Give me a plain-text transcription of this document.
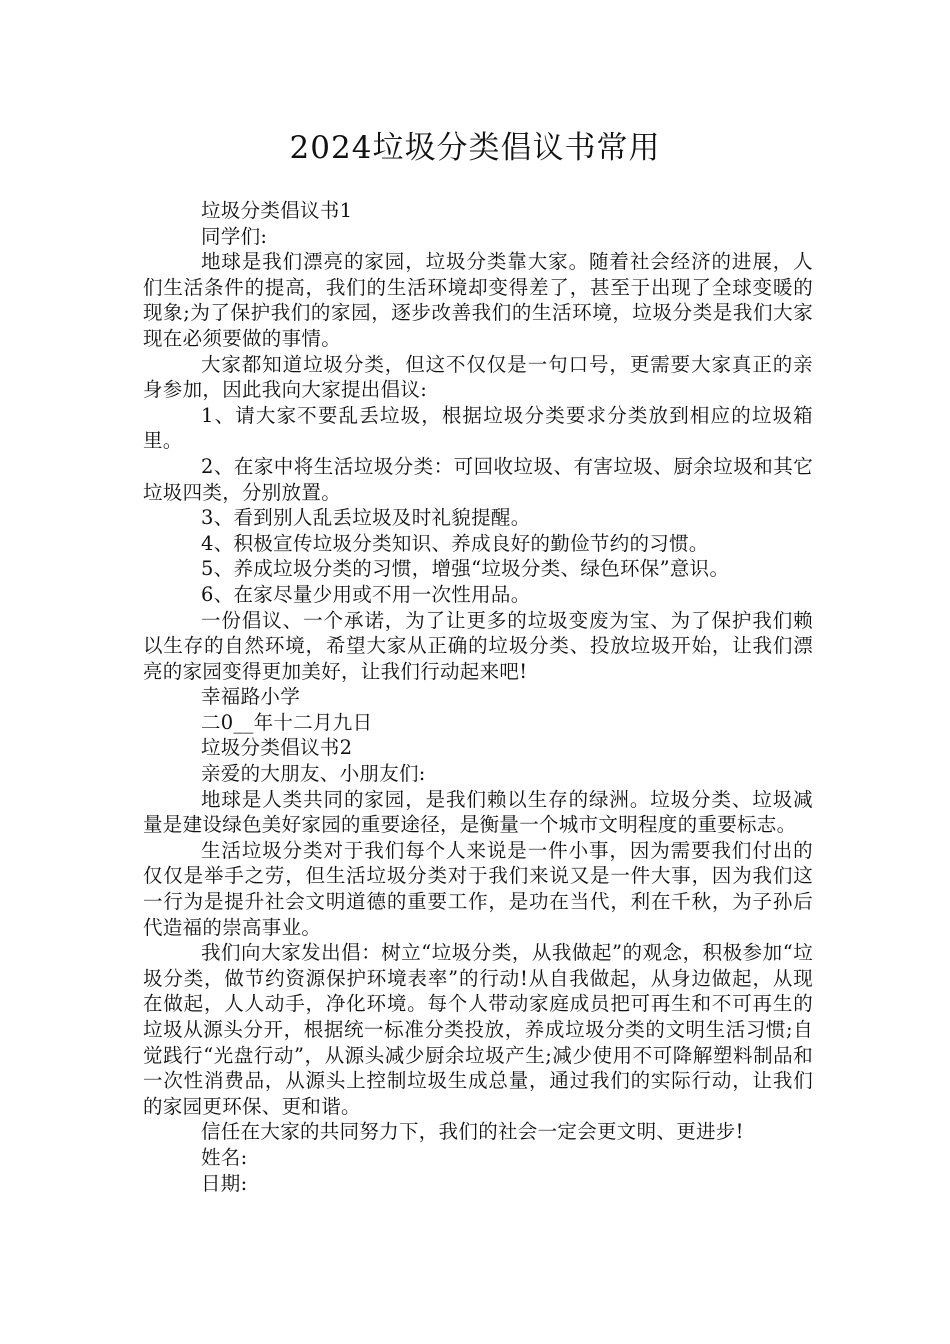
2024垃圾分类倡议书常用

垃圾分类倡议书1

同学们:

地球是我们漂亮的家园，垃圾分类靠大家。随着社会经济的进展，人们生活条件的提高，我们的生活环境却变得差了，甚至于出现了全球变暖的现象;为了保护我们的家园，逐步改善我们的生活环境，垃圾分类是我们大家现在必须要做的事情。

大家都知道垃圾分类，但这不仅仅是一句口号，更需要大家真正的亲身参加，因此我向大家提出倡议:

1、请大家不要乱丢垃圾，根据垃圾分类要求分类放到相应的垃圾箱里。

2、在家中将生活垃圾分类：可回收垃圾、有害垃圾、厨余垃圾和其它垃圾四类，分别放置。

3、看到别人乱丢垃圾及时礼貌提醒。

4、积极宣传垃圾分类知识、养成良好的勤俭节约的习惯。

5、养成垃圾分类的习惯，增强“垃圾分类、绿色环保”意识。

6、在家尽量少用或不用一次性用品。

一份倡议、一个承诺，为了让更多的垃圾变废为宝、为了保护我们赖以生存的自然环境，希望大家从正确的垃圾分类、投放垃圾开始，让我们漂亮的家园变得更加美好，让我们行动起来吧!

幸福路小学

二0__年十二月九日

垃圾分类倡议书2

亲爱的大朋友、小朋友们:

地球是人类共同的家园，是我们赖以生存的绿洲。垃圾分类、垃圾减量是建设绿色美好家园的重要途径，是衡量一个城市文明程度的重要标志。

生活垃圾分类对于我们每个人来说是一件小事，因为需要我们付出的仅仅是举手之劳，但生活垃圾分类对于我们来说又是一件大事，因为我们这一行为是提升社会文明道德的重要工作，是功在当代，利在千秋，为子孙后代造福的崇高事业。

我们向大家发出倡：树立“垃圾分类，从我做起”的观念，积极参加“垃圾分类，做节约资源保护环境表率”的行动!从自我做起，从身边做起，从现在做起，人人动手，净化环境。每个人带动家庭成员把可再生和不可再生的垃圾从源头分开，根据统一标准分类投放，养成垃圾分类的文明生活习惯;自觉践行“光盘行动”，从源头减少厨余垃圾产生;减少使用不可降解塑料制品和一次性消费品，从源头上控制垃圾生成总量，通过我们的实际行动，让我们的家园更环保、更和谐。

信任在大家的共同努力下，我们的社会一定会更文明、更进步!

姓名:

日期:
